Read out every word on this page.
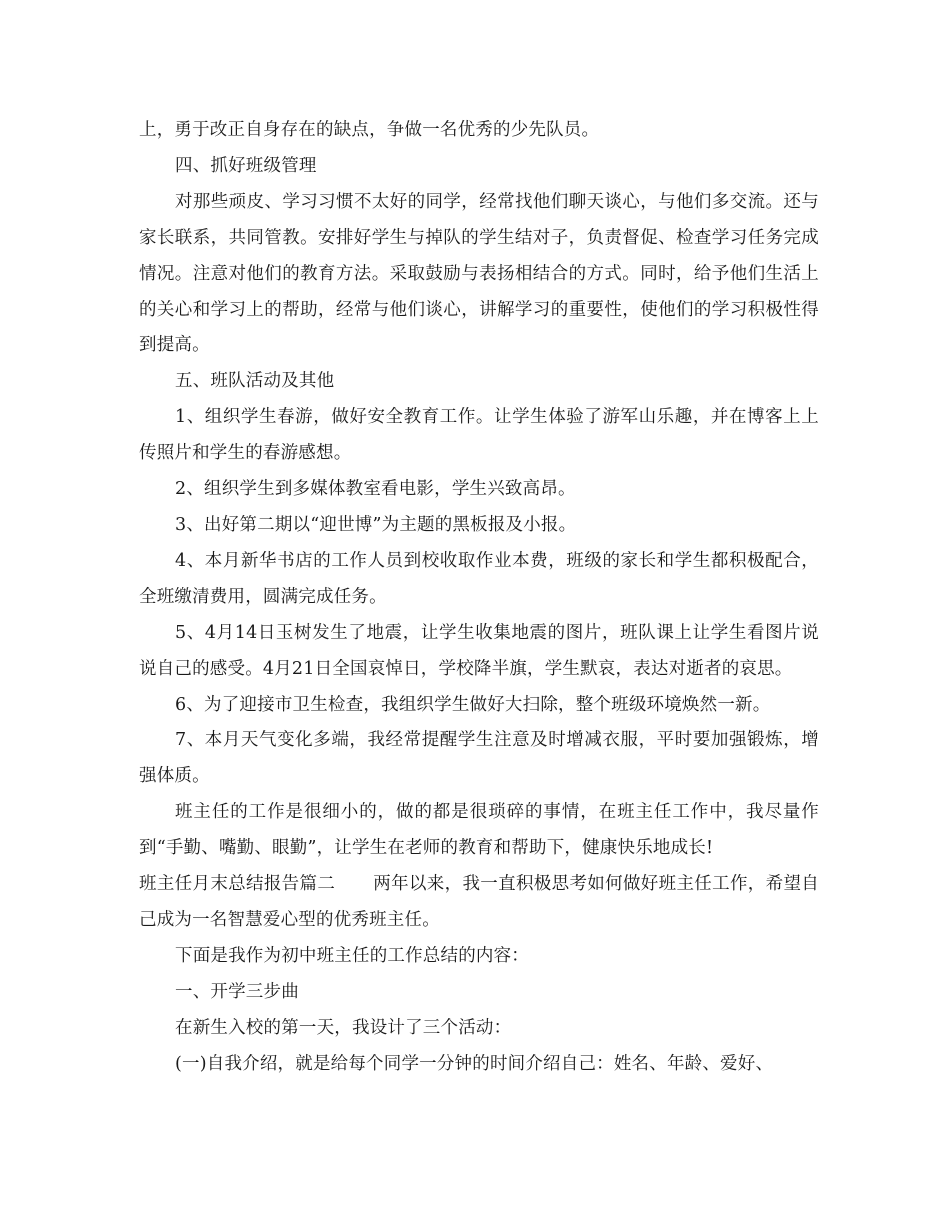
上，勇于改正自身存在的缺点，争做一名优秀的少先队员。

四、抓好班级管理

对那些顽皮、学习习惯不太好的同学，经常找他们聊天谈心，与他们多交流。还与家长联系，共同管教。安排好学生与掉队的学生结对子，负责督促、检查学习任务完成情况。注意对他们的教育方法。采取鼓励与表扬相结合的方式。同时，给予他们生活上的关心和学习上的帮助，经常与他们谈心，讲解学习的重要性，使他们的学习积极性得到提高。

五、班队活动及其他

1、组织学生春游，做好安全教育工作。让学生体验了游军山乐趣，并在博客上上传照片和学生的春游感想。

2、组织学生到多媒体教室看电影，学生兴致高昂。

3、出好第二期以“迎世博”为主题的黑板报及小报。

4、本月新华书店的工作人员到校收取作业本费，班级的家长和学生都积极配合，全班缴清费用，圆满完成任务。

5、4月14日玉树发生了地震，让学生收集地震的图片，班队课上让学生看图片说说自己的感受。4月21日全国哀悼日，学校降半旗，学生默哀，表达对逝者的哀思。

6、为了迎接市卫生检查，我组织学生做好大扫除，整个班级环境焕然一新。

7、本月天气变化多端，我经常提醒学生注意及时增减衣服，平时要加强锻炼，增强体质。

班主任的工作是很细小的，做的都是很琐碎的事情，在班主任工作中，我尽量作到“手勤、嘴勤、眼勤”，让学生在老师的教育和帮助下，健康快乐地成长!

班主任月末总结报告篇二 两年以来，我一直积极思考如何做好班主任工作，希望自己成为一名智慧爱心型的优秀班主任。

下面是我作为初中班主任的工作总结的内容：

一、开学三步曲

在新生入校的第一天，我设计了三个活动：

(一)自我介绍，就是给每个同学一分钟的时间介绍自己：姓名、年龄、爱好、
